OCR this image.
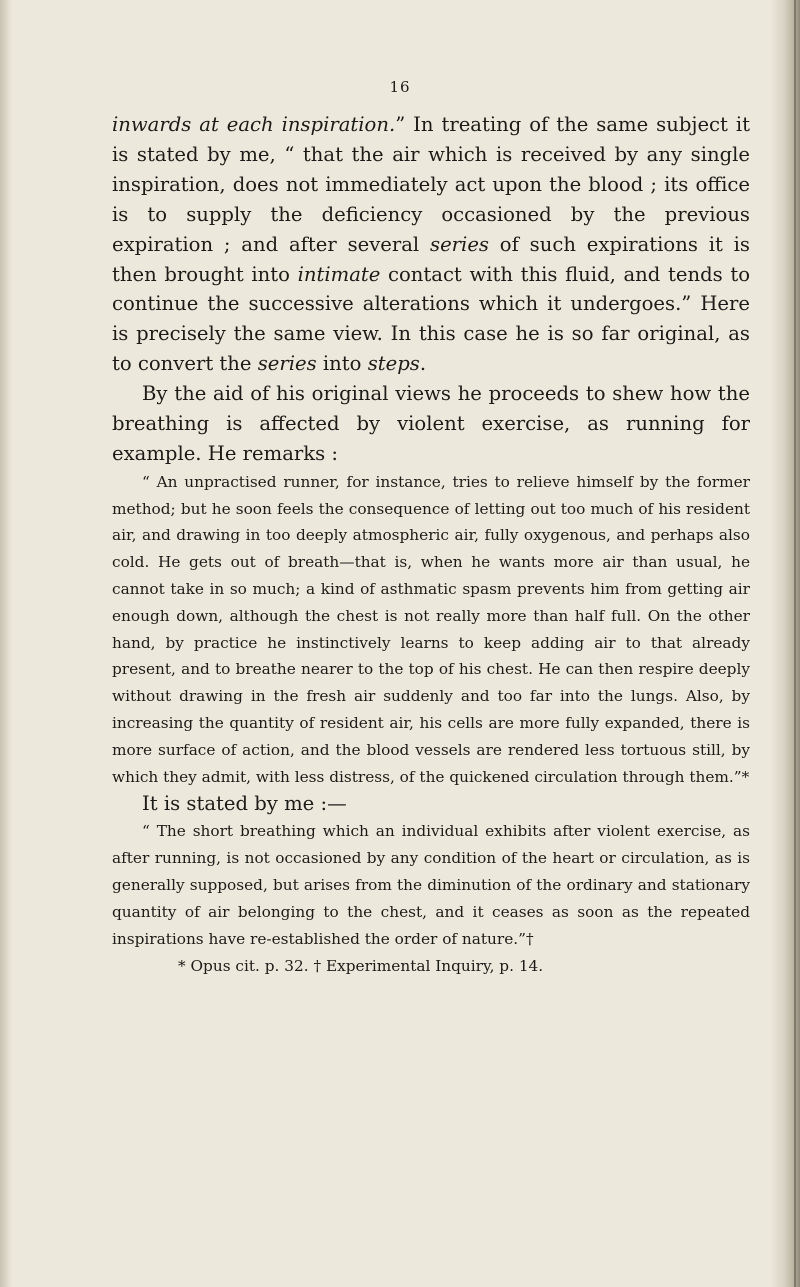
16

inwards at each inspiration.” In treating of the same subject it is stated by me, “ that the air which is received by any single inspiration, does not immediately act upon the blood ; its office is to supply the deficiency occasioned by the previous expiration ; and after several series of such expirations it is then brought into intimate contact with this fluid, and tends to continue the successive alterations which it undergoes.” Here is precisely the same view. In this case he is so far original, as to convert the series into steps.

By the aid of his original views he proceeds to shew how the breathing is affected by violent exercise, as running for example. He remarks :

“ An unpractised runner, for instance, tries to relieve himself by the former method; but he soon feels the consequence of letting out too much of his resident air, and drawing in too deeply atmospheric air, fully oxygenous, and perhaps also cold. He gets out of breath—that is, when he wants more air than usual, he cannot take in so much; a kind of asthmatic spasm prevents him from getting air enough down, although the chest is not really more than half full. On the other hand, by practice he instinctively learns to keep adding air to that already present, and to breathe nearer to the top of his chest. He can then respire deeply without drawing in the fresh air suddenly and too far into the lungs. Also, by increasing the quantity of resident air, his cells are more fully expanded, there is more surface of action, and the blood vessels are rendered less tortuous still, by which they admit, with less distress, of the quickened circulation through them.”*

It is stated by me :—

“ The short breathing which an individual exhibits after violent exercise, as after running, is not occasioned by any condition of the heart or circulation, as is generally supposed, but arises from the diminution of the ordinary and stationary quantity of air belonging to the chest, and it ceases as soon as the repeated inspirations have re-established the order of nature.”†

* Opus cit. p. 32. † Experimental Inquiry, p. 14.
